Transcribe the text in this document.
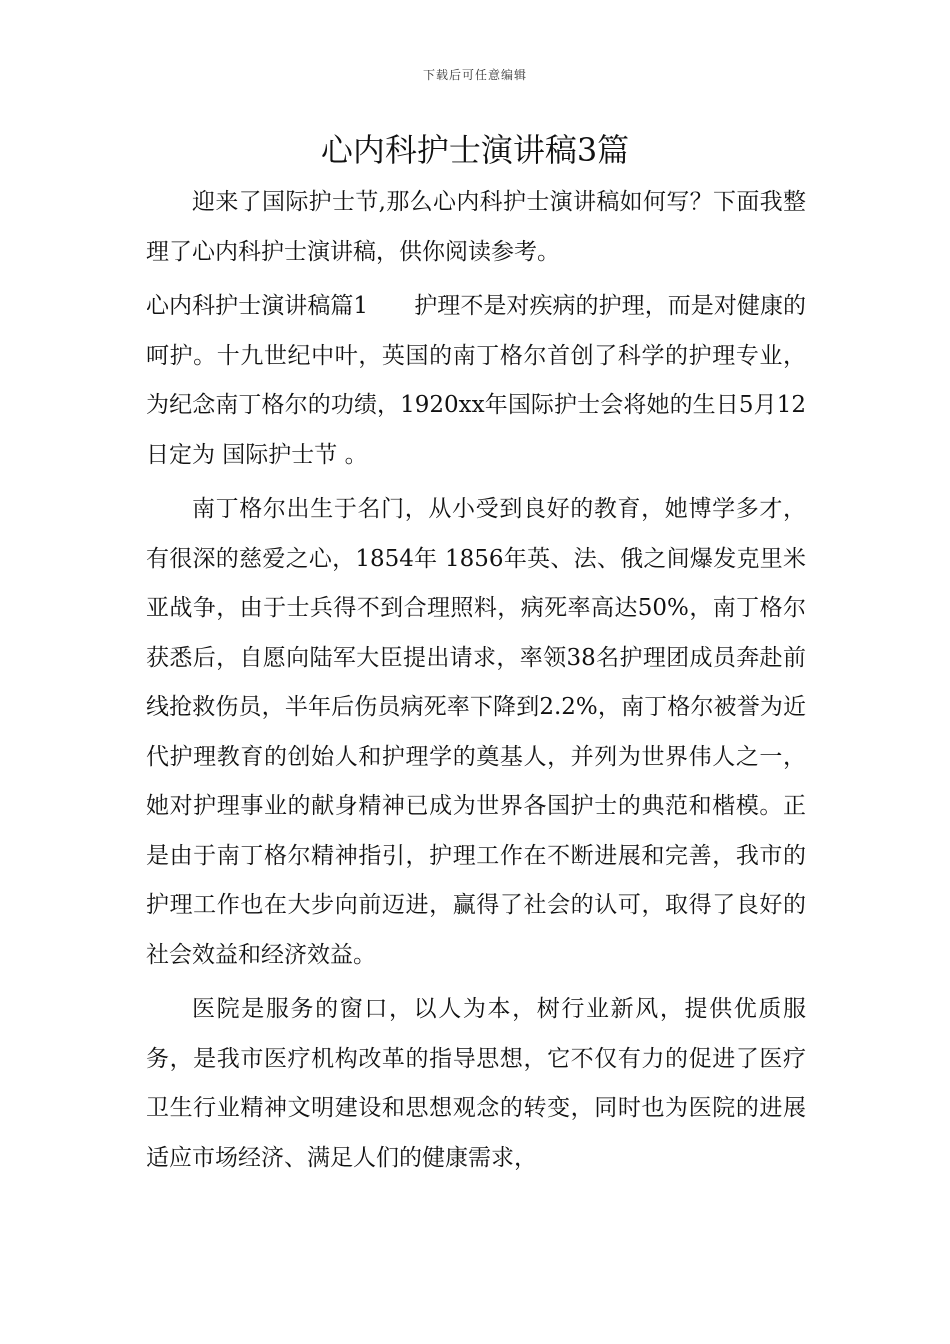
下载后可任意编辑
心内科护士演讲稿3篇

迎来了国际护士节,那么心内科护士演讲稿如何写？下面我整理了心内科护士演讲稿，供你阅读参考。

心内科护士演讲稿篇1　　护理不是对疾病的护理，而是对健康的呵护。十九世纪中叶，英国的南丁格尔首创了科学的护理专业，为纪念南丁格尔的功绩，1920xx年国际护士会将她的生日5月12日定为 国际护士节 。

南丁格尔出生于名门，从小受到良好的教育，她博学多才，有很深的慈爱之心，1854年 1856年英、法、俄之间爆发克里米亚战争，由于士兵得不到合理照料，病死率高达50%，南丁格尔获悉后，自愿向陆军大臣提出请求，率领38名护理团成员奔赴前线抢救伤员，半年后伤员病死率下降到2.2%，南丁格尔被誉为近代护理教育的创始人和护理学的奠基人，并列为世界伟人之一，她对护理事业的献身精神已成为世界各国护士的典范和楷模。正是由于南丁格尔精神指引，护理工作在不断进展和完善，我市的护理工作也在大步向前迈进，赢得了社会的认可，取得了良好的社会效益和经济效益。

医院是服务的窗口，以人为本，树行业新风，提供优质服务，是我市医疗机构改革的指导思想，它不仅有力的促进了医疗卫生行业精神文明建设和思想观念的转变，同时也为医院的进展适应市场经济、满足人们的健康需求，
